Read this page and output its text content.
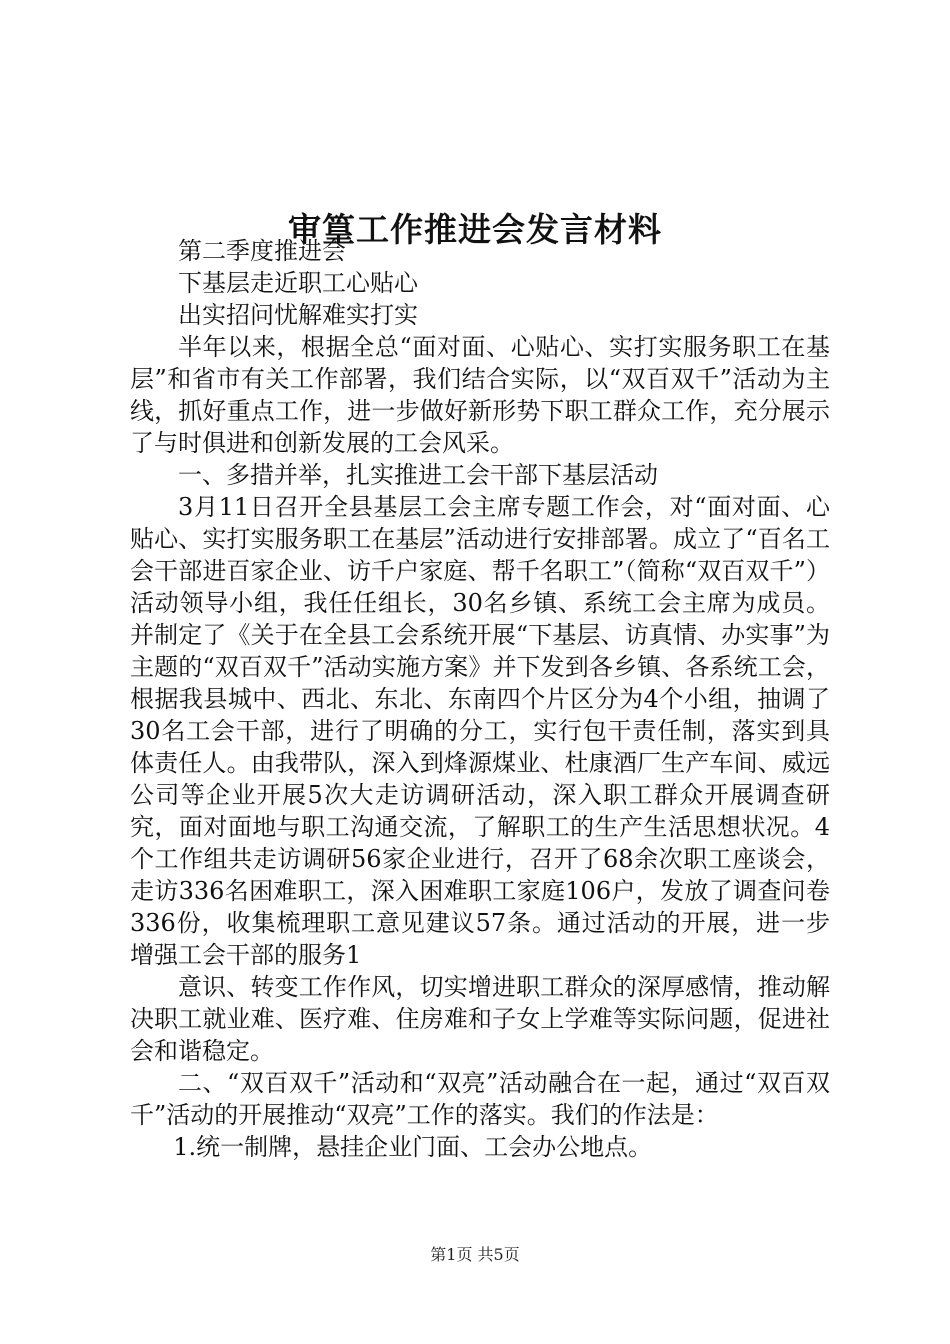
审篁工作推进会发言材料

第二季度推进会

下基层走近职工心贴心

出实招问忧解难实打实

半年以来，根据全总“面对面、心贴心、实打实服务职工在基层”和省市有关工作部署，我们结合实际，以“双百双千”活动为主线，抓好重点工作，进一步做好新形势下职工群众工作，充分展示了与时俱进和创新发展的工会风采。

一、多措并举，扎实推进工会干部下基层活动

3月11日召开全县基层工会主席专题工作会，对“面对面、心贴心、实打实服务职工在基层”活动进行安排部署。成立了“百名工会干部进百家企业、访千户家庭、帮千名职工”（简称“双百双千”）活动领导小组，我任任组长，30名乡镇、系统工会主席为成员。并制定了《关于在全县工会系统开展“下基层、访真情、办实事”为主题的“双百双千”活动实施方案》并下发到各乡镇、各系统工会，根据我县城中、西北、东北、东南四个片区分为4个小组，抽调了30名工会干部，进行了明确的分工，实行包干责任制，落实到具体责任人。由我带队，深入到烽源煤业、杜康酒厂生产车间、威远公司等企业开展5次大走访调研活动，深入职工群众开展调查研究，面对面地与职工沟通交流，了解职工的生产生活思想状况。4个工作组共走访调研56家企业进行，召开了68余次职工座谈会，走访336名困难职工，深入困难职工家庭106户，发放了调查问卷336份，收集梳理职工意见建议57条。通过活动的开展，进一步增强工会干部的服务1

意识、转变工作作风，切实增进职工群众的深厚感情，推动解决职工就业难、医疗难、住房难和子女上学难等实际问题，促进社会和谐稳定。

二、“双百双千”活动和“双亮”活动融合在一起，通过“双百双千”活动的开展推动“双亮”工作的落实。我们的作法是：

1.统一制牌，悬挂企业门面、工会办公地点。

第1页 共5页
